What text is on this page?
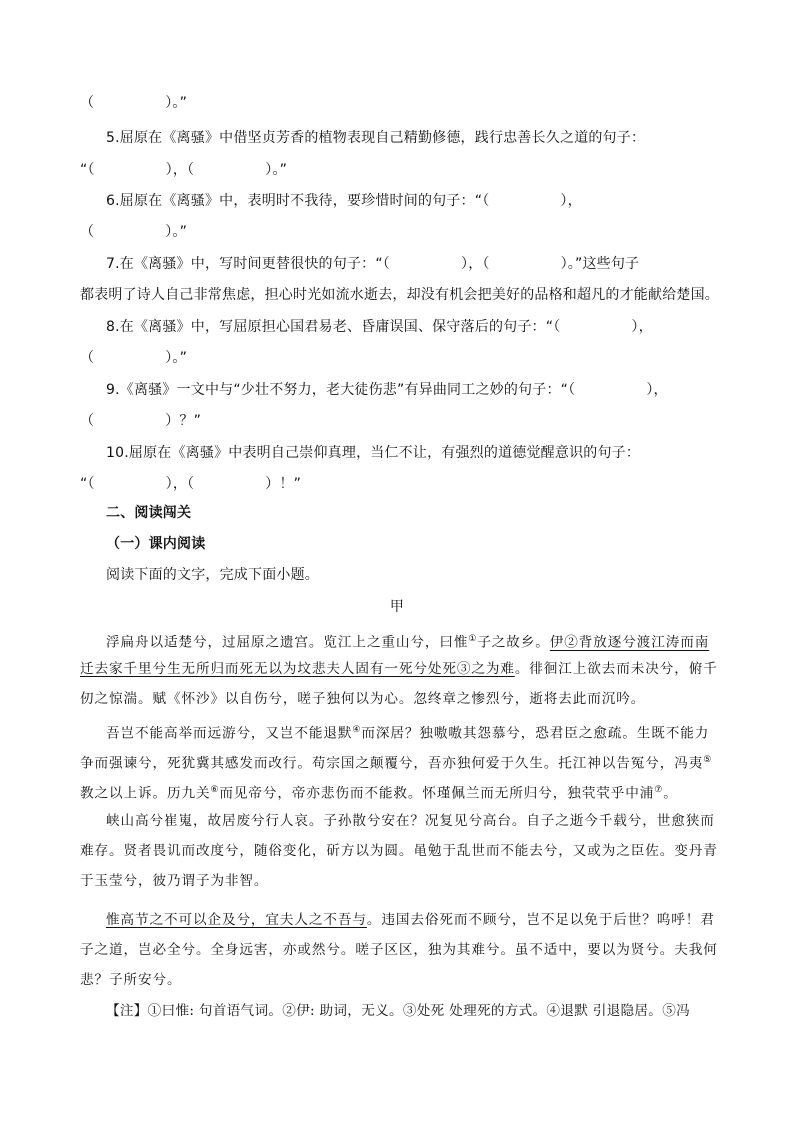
（　　　　　）。”
5.屈原在《离骚》中借坚贞芳香的植物表现自己精勤修德，践行忠善长久之道的句子：
“（　　　　　），（　　　　　）。”
6.屈原在《离骚》中，表明时不我待，要珍惜时间的句子：“（　　　　　），
（　　　　　）。”
7.在《离骚》中，写时间更替很快的句子：“（　　　　　），（　　　　　）。”这些句子
都表明了诗人自己非常焦虑，担心时光如流水逝去，却没有机会把美好的品格和超凡的才能献给楚国。
8.在《离骚》中，写屈原担心国君易老、昏庸误国、保守落后的句子：“（　　　　　），
（　　　　　）。”
9.《离骚》一文中与“少壮不努力，老大徒伤悲”有异曲同工之妙的句子：“（　　　　　），
（　　　　　）？”
10.屈原在《离骚》中表明自己崇仰真理，当仁不让，有强烈的道德觉醒意识的句子：
“（　　　　　），（　　　　　）！”
二、阅读闯关
（一）课内阅读
阅读下面的文字，完成下面小题。
甲
浮扁舟以适楚兮，过屈原之遗宫。览江上之重山兮，曰惟①子之故乡。伊②背放逐兮渡江涛而南
迁去家千里兮生无所归而死无以为坟悲夫人固有一死兮处死③之为难。徘徊江上欲去而未决兮，俯千
仞之惊湍。赋《怀沙》以自伤兮，嗟子独何以为心。忽终章之惨烈兮，逝将去此而沉吟。
吾岂不能高举而远游兮，又岂不能退默④而深居？独嗷嗷其怨慕兮，恐君臣之愈疏。生既不能力
争而强谏兮，死犹冀其感发而改行。苟宗国之颠覆兮，吾亦独何爱于久生。托江神以告冤兮，冯夷⑤
教之以上诉。历九关⑥而见帝兮，帝亦悲伤而不能救。怀瑾佩兰而无所归兮，独茕茕乎中浦⑦。
峡山高兮崔嵬，故居废兮行人哀。子孙散兮安在？况复见兮高台。自子之逝今千载兮，世愈狭而
难存。贤者畏讥而改度兮，随俗变化，斫方以为圆。黾勉于乱世而不能去兮，又或为之臣佐。变丹青
于玉莹兮，彼乃谓子为非智。
惟高节之不可以企及兮，宜夫人之不吾与。违国去俗死而不顾兮，岂不足以免于后世？呜呼！君
子之道，岂必全兮。全身远害，亦或然兮。嗟子区区，独为其难兮。虽不适中，要以为贤兮。夫我何
悲？子所安兮。
【注】①曰惟: 句首语气词。②伊: 助词，无义。③处死 处理死的方式。④退默 引退隐居。⑤冯
